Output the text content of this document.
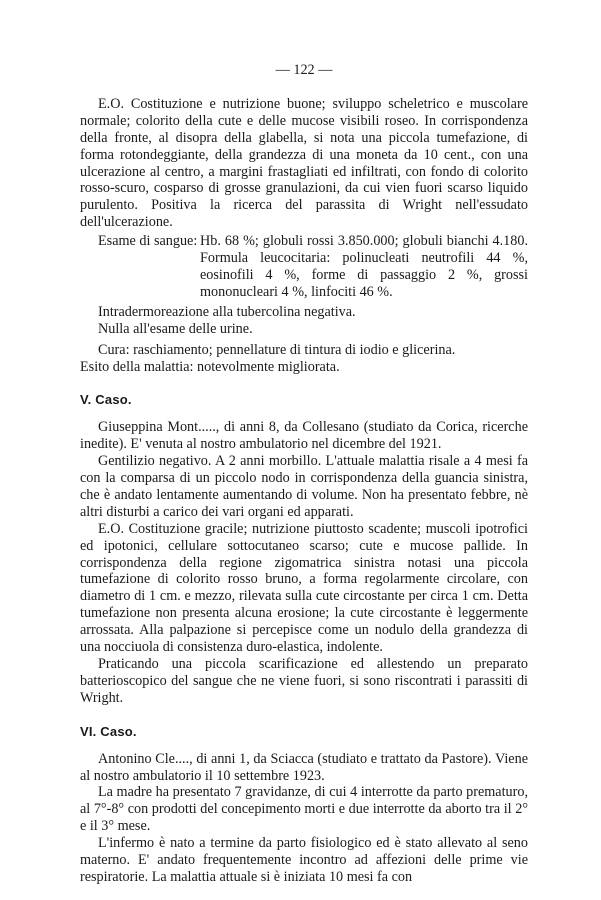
— 122 —

E.O. Costituzione e nutrizione buone; sviluppo scheletrico e muscolare normale; colorito della cute e delle mucose visibili roseo. In corrispondenza della fronte, al disopra della glabella, si nota una piccola tumefazione, di forma rotondeggiante, della grandezza di una moneta da 10 cent., con una ulcerazione al centro, a margini frastagliati ed infiltrati, con fondo di colorito rosso-scuro, cosparso di grosse granulazioni, da cui vien fuori scarso liquido purulento. Positiva la ricerca del parassita di Wright nell'essudato dell'ulcerazione.

Esame di sangue: Hb. 68 %; globuli rossi 3.850.000; globuli bianchi 4.180. Formula leucocitaria: polinucleati neutrofili 44 %, eosinofili 4 %, forme di passaggio 2 %, grossi mononucleari 4 %, linfociti 46 %.

Intradermoreazione alla tubercolina negativa.

Nulla all'esame delle urine.

Cura: raschiamento; pennellature di tintura di iodio e glicerina.

Esito della malattia: notevolmente migliorata.

V. Caso.

Giuseppina Mont....., di anni 8, da Collesano (studiato da Corica, ricerche inedite). E' venuta al nostro ambulatorio nel dicembre del 1921.

Gentilizio negativo. A 2 anni morbillo. L'attuale malattia risale a 4 mesi fa con la comparsa di un piccolo nodo in corrispondenza della guancia sinistra, che è andato lentamente aumentando di volume. Non ha presentato febbre, nè altri disturbi a carico dei vari organi ed apparati.

E.O. Costituzione gracile; nutrizione piuttosto scadente; muscoli ipotrofici ed ipotonici, cellulare sottocutaneo scarso; cute e mucose pallide. In corrispondenza della regione zigomatrica sinistra notasi una piccola tumefazione di colorito rosso bruno, a forma regolarmente circolare, con diametro di 1 cm. e mezzo, rilevata sulla cute circostante per circa 1 cm. Detta tumefazione non presenta alcuna erosione; la cute circostante è leggermente arrossata. Alla palpazione si percepisce come un nodulo della grandezza di una nocciuola di consistenza duro-elastica, indolente.

Praticando una piccola scarificazione ed allestendo un preparato batterioscopico del sangue che ne viene fuori, si sono riscontrati i parassiti di Wright.

VI. Caso.

Antonino Cle...., di anni 1, da Sciacca (studiato e trattato da Pastore). Viene al nostro ambulatorio il 10 settembre 1923.

La madre ha presentato 7 gravidanze, di cui 4 interrotte da parto prematuro, al 7°-8° con prodotti del concepimento morti e due interrotte da aborto tra il 2° e il 3° mese.

L'infermo è nato a termine da parto fisiologico ed è stato allevato al seno materno. E' andato frequentemente incontro ad affezioni delle prime vie respiratorie. La malattia attuale si è iniziata 10 mesi fa con
